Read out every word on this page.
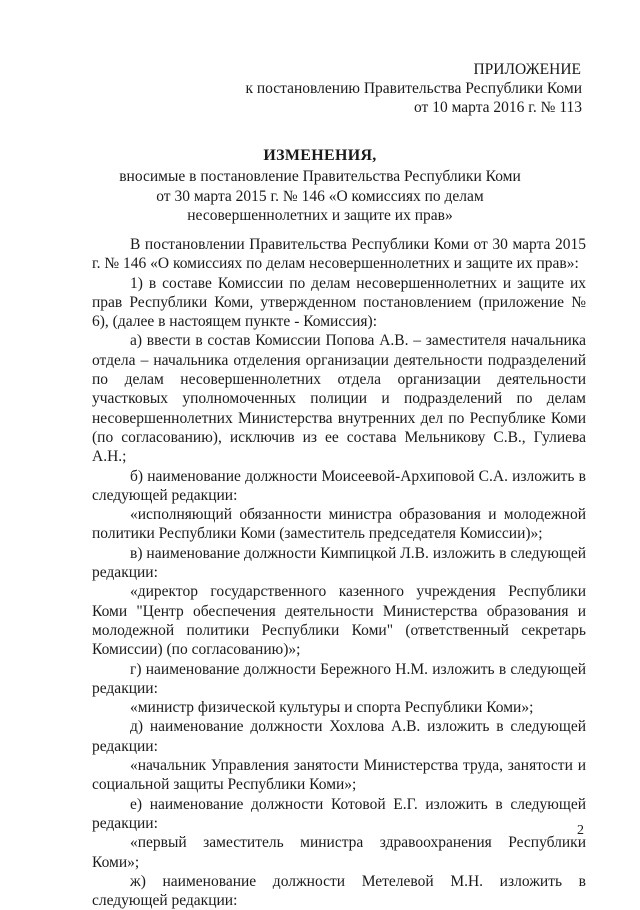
ПРИЛОЖЕНИЕ
к постановлению Правительства Республики Коми
от 10 марта 2016 г. № 113
ИЗМЕНЕНИЯ,
вносимые в постановление Правительства Республики Коми
от 30 марта 2015 г. № 146 «О комиссиях по делам
несовершеннолетних и защите их прав»

В постановлении Правительства Республики Коми от 30 марта 2015 г. № 146 «О комиссиях по делам несовершеннолетних и защите их прав»:

1) в составе Комиссии по делам несовершеннолетних и защите их прав Республики Коми, утвержденном постановлением (приложение № 6), (далее в настоящем пункте - Комиссия):

а) ввести в состав Комиссии Попова А.В. – заместителя начальника отдела – начальника отделения организации деятельности подразделений по делам несовершеннолетних отдела организации деятельности участковых уполномоченных полиции и подразделений по делам несовершеннолетних Министерства внутренних дел по Республике Коми (по согласованию), исключив из ее состава Мельникову С.В., Гулиева А.Н.;

б) наименование должности Моисеевой-Архиповой С.А. изложить в следующей редакции:

«исполняющий обязанности министра образования и молодежной политики Республики Коми (заместитель председателя Комиссии)»;

в) наименование должности Кимпицкой Л.В. изложить в следующей редакции:

«директор государственного казенного учреждения Республики Коми "Центр обеспечения деятельности Министерства образования и молодежной политики Республики Коми" (ответственный секретарь Комиссии) (по согласованию)»;

г) наименование должности Бережного Н.М. изложить в следующей редакции:

«министр физической культуры и спорта Республики Коми»;

д) наименование должности Хохлова А.В. изложить в следующей редакции:

«начальник Управления занятости Министерства труда, занятости и социальной защиты Республики Коми»;

е) наименование должности Котовой Е.Г. изложить в следующей редакции:

«первый заместитель министра здравоохранения Республики Коми»;

ж) наименование должности Метелевой М.Н. изложить в следующей редакции:

2
